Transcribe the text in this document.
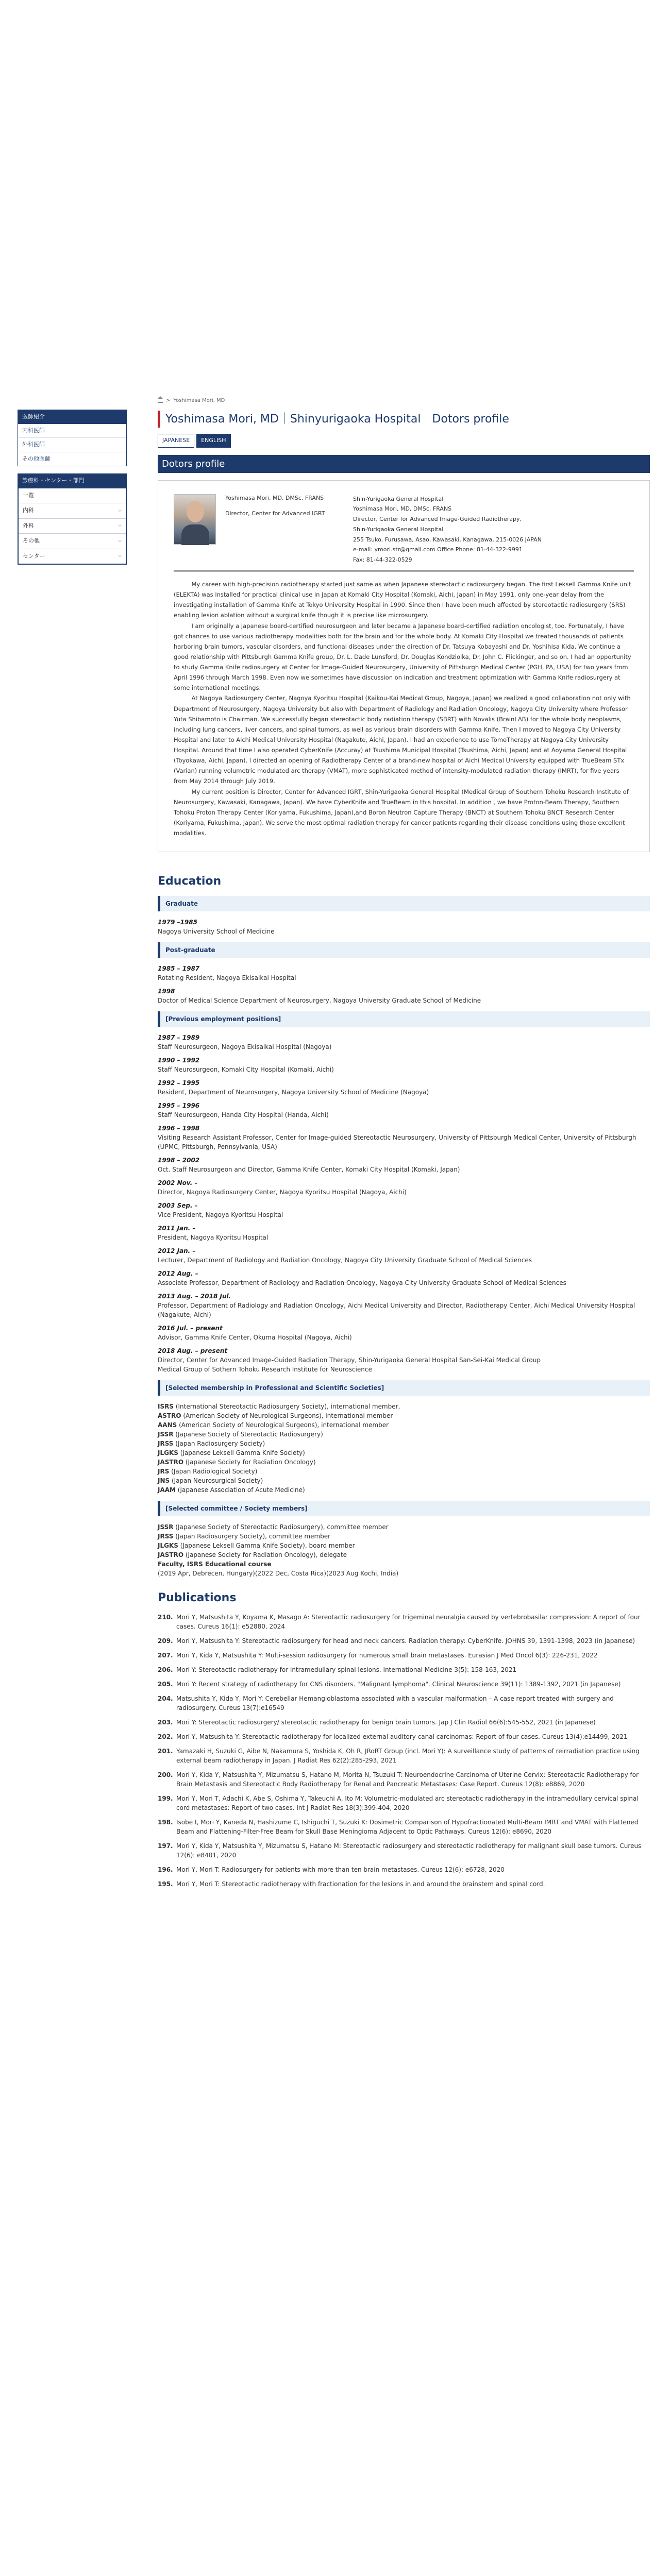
医師紹介
内科医師
外科医師
その他医師
診療科・センター・部門
一覧
内科	⌵
外科	⌵
その他	⌵
センター	⌵
> Yoshimasa Mori, MD
Yoshimasa Mori, MD｜Shinyurigaoka Hospital　Dotors profile
JAPANESE	ENGLISH
Dotors profile

Yoshimasa Mori, MD, DMSc, FRANS

Director, Center for Advanced IGRT

Shin-Yurigaoka General Hospital
Yoshimasa Mori, MD, DMSc, FRANS
Director, Center for Advanced Image-Guided Radiotherapy,
Shin-Yurigaoka General Hospital
255 Tsuko, Furusawa, Asao, Kawasaki, Kanagawa, 215-0026 JAPAN
e-mail: ymori.str@gmail.com Office Phone: 81-44-322-9991
Fax: 81-44-322-0529

My career with high-precision radiotherapy started just same as when Japanese stereotactic radiosurgery began. The first Leksell Gamma Knife unit (ELEKTA) was installed for practical clinical use in Japan at Komaki City Hospital (Komaki, Aichi, Japan) in May 1991, only one-year delay from the investigating installation of Gamma Knife at Tokyo University Hospital in 1990. Since then I have been much affected by stereotactic radiosurgery (SRS) enabling lesion ablation without a surgical knife though it is precise like microsurgery.

I am originally a Japanese board-certified neurosurgeon and later became a Japanese board-certified radiation oncologist, too. Fortunately, I have got chances to use various radiotherapy modalities both for the brain and for the whole body. At Komaki City Hospital we treated thousands of patients harboring brain tumors, vascular disorders, and functional diseases under the direction of Dr. Tatsuya Kobayashi and Dr. Yoshihisa Kida. We continue a good relationship with Pittsburgh Gamma Knife group, Dr. L. Dade Lunsford, Dr. Douglas Kondziolka, Dr. John C. Flickinger, and so on. I had an opportunity to study Gamma Knife radiosurgery at Center for Image-Guided Neurosurgery, University of Pittsburgh Medical Center (PGH, PA, USA) for two years from April 1996 through March 1998. Even now we sometimes have discussion on indication and treatment optimization with Gamma Knife radiosurgery at some international meetings.

At Nagoya Radiosurgery Center, Nagoya Kyoritsu Hospital (Kaikou-Kai Medical Group, Nagoya, Japan) we realized a good collaboration not only with Department of Neurosurgery, Nagoya University but also with Department of Radiology and Radiation Oncology, Nagoya City University where Professor Yuta Shibamoto is Chairman. We successfully began stereotactic body radiation therapy (SBRT) with Novalis (BrainLAB) for the whole body neoplasms, including lung cancers, liver cancers, and spinal tumors, as well as various brain disorders with Gamma Knife. Then I moved to Nagoya City University Hospital and later to Aichi Medical University Hospital (Nagakute, Aichi, Japan). I had an experience to use TomoTherapy at Nagoya City University Hospital. Around that time I also operated CyberKnife (Accuray) at Tsushima Municipal Hospital (Tsushima, Aichi, Japan) and at Aoyama General Hospital (Toyokawa, Aichi, Japan). I directed an opening of Radiotherapy Center of a brand-new hospital of Aichi Medical University equipped with TrueBeam STx (Varian) running volumetric modulated arc therapy (VMAT), more sophisticated method of intensity-modulated radiation therapy (IMRT), for five years from May 2014 through July 2019.

My current position is Director, Center for Advanced IGRT, Shin-Yurigaoka General Hospital (Medical Group of Southern Tohoku Research Institute of Neurosurgery, Kawasaki, Kanagawa, Japan). We have CyberKnife and TrueBeam in this hospital. In addition , we have Proton-Beam Therapy, Southern Tohoku Proton Therapy Center (Koriyama, Fukushima, Japan),and Boron Neutron Capture Therapy (BNCT) at Southern Tohoku BNCT Research Center (Koriyama, Fukushima, Japan). We serve the most optimal radiation therapy for cancer patients regarding their disease conditions using those excellent modalities.

Education
Graduate
1979 –1985
Nagoya University School of Medicine
Post-graduate
1985 – 1987
Rotating Resident, Nagoya Ekisaikai Hospital
1998
Doctor of Medical Science Department of Neurosurgery, Nagoya University Graduate School of Medicine
[Previous employment positions]
1987 – 1989
Staff Neurosurgeon, Nagoya Ekisaikai Hospital (Nagoya)
1990 – 1992
Staff Neurosurgeon, Komaki City Hospital (Komaki, Aichi)
1992 – 1995
Resident, Department of Neurosurgery, Nagoya University School of Medicine (Nagoya)
1995 – 1996
Staff Neurosurgeon, Handa City Hospital (Handa, Aichi)
1996 – 1998
Visiting Research Assistant Professor, Center for Image-guided Stereotactic Neurosurgery, University of Pittsburgh Medical Center, University of Pittsburgh (UPMC, Pittsburgh, Pennsylvania, USA)
1998 – 2002
Oct. Staff Neurosurgeon and Director, Gamma Knife Center, Komaki City Hospital (Komaki, Japan)
2002 Nov. –
Director, Nagoya Radiosurgery Center, Nagoya Kyoritsu Hospital (Nagoya, Aichi)
2003 Sep. –
Vice President, Nagoya Kyoritsu Hospital
2011 Jan. –
President, Nagoya Kyoritsu Hospital
2012 Jan. –
Lecturer, Department of Radiology and Radiation Oncology, Nagoya City University Graduate School of Medical Sciences
2012 Aug. –
Associate Professor, Department of Radiology and Radiation Oncology, Nagoya City University Graduate School of Medical Sciences
2013 Aug. – 2018 Jul.
Professor, Department of Radiology and Radiation Oncology, Aichi Medical University and Director, Radiotherapy Center, Aichi Medical University Hospital (Nagakute, Aichi)
2016 Jul. – present
Advisor, Gamma Knife Center, Okuma Hospital (Nagoya, Aichi)
2018 Aug. – present
Director, Center for Advanced Image-Guided Radiation Therapy, Shin-Yurigaoka General Hospital San-Sei-Kai Medical Group
Medical Group of Sothern Tohoku Research Institute for Neuroscience
[Selected membership in Professional and Scientific Societies]
ISRS (International Stereotactic Radiosurgery Society), international member,
ASTRO (American Society of Neurological Surgeons), international member
AANS (American Society of Neurological Surgeons), international member
JSSR (Japanese Society of Stereotactic Radiosurgery)
JRSS (Japan Radiosurgery Society)
JLGKS (Japanese Leksell Gamma Knife Society)
JASTRO (Japanese Society for Radiation Oncology)
JRS (Japan Radiological Society)
JNS (Japan Neurosurgical Society)
JAAM (Japanese Association of Acute Medicine)
[Selected committee / Society members]
JSSR (Japanese Society of Stereotactic Radiosurgery), committee member
JRSS (Japan Radiosurgery Society), committee member
JLGKS (Japanese Leksell Gamma Knife Society), board member
JASTRO (Japanese Society for Radiation Oncology), delegate
Faculty, ISRS Educational course
(2019 Apr, Debrecen, Hungary)(2022 Dec, Costa Rica)(2023 Aug Kochi, India)
Publications
210. Mori Y, Matsushita Y, Koyama K, Masago A: Stereotactic radiosurgery for trigeminal neuralgia caused by vertebrobasilar compression: A report of four cases. Cureus 16(1): e52880, 2024
209. Mori Y, Matsushita Y: Stereotactic radiosurgery for head and neck cancers. Radiation therapy: CyberKnife. JOHNS 39, 1391-1398, 2023 (in Japanese)
207. Mori Y, Kida Y, Matsushita Y: Multi-session radiosurgery for numerous small brain metastases. Eurasian J Med Oncol 6(3): 226-231, 2022
206. Mori Y: Stereotactic radiotherapy for intramedullary spinal lesions. International Medicine 3(5): 158-163, 2021
205. Mori Y: Recent strategy of radiotherapy for CNS disorders. "Malignant lymphoma". Clinical Neuroscience 39(11): 1389-1392, 2021 (in Japanese)
204. Matsushita Y, Kida Y, Mori Y: Cerebellar Hemangioblastoma associated with a vascular malformation – A case report treated with surgery and radiosurgery. Cureus 13(7):e16549
203. Mori Y: Stereotactic radiosurgery/ stereotactic radiotherapy for benign brain tumors. Jap J Clin Radiol 66(6):545-552, 2021 (in Japanese)
202. Mori Y, Matsushita Y: Stereotactic radiotherapy for localized external auditory canal carcinomas: Report of four cases. Cureus 13(4):e14499, 2021
201. Yamazaki H, Suzuki G, Aibe N, Nakamura S, Yoshida K, Oh R, JRoRT Group (incl. Mori Y): A surveillance study of patterns of reirradiation practice using external beam radiotherapy in Japan. J Radiat Res 62(2):285-293, 2021
200. Mori Y, Kida Y, Matsushita Y, Mizumatsu S, Hatano M, Morita N, Tsuzuki T: Neuroendocrine Carcinoma of Uterine Cervix: Stereotactic Radiotherapy for Brain Metastasis and Stereotactic Body Radiotherapy for Renal and Pancreatic Metastases: Case Report. Cureus 12(8): e8869, 2020
199. Mori Y, Mori T, Adachi K, Abe S, Oshima Y, Takeuchi A, Ito M: Volumetric-modulated arc stereotactic radiotherapy in the intramedullary cervical spinal cord metastases: Report of two cases. Int J Radiat Res 18(3):399-404, 2020
198. Isobe I, Mori Y, Kaneda N, Hashizume C, Ishiguchi T, Suzuki K: Dosimetric Comparison of Hypofractionated Multi-Beam IMRT and VMAT with Flattened Beam and Flattening-Filter-Free Beam for Skull Base Meningioma Adjacent to Optic Pathways. Cureus 12(6): e8690, 2020
197. Mori Y, Kida Y, Matsushita Y, Mizumatsu S, Hatano M: Stereotactic radiosurgery and stereotactic radiotherapy for malignant skull base tumors. Cureus 12(6): e8401, 2020
196. Mori Y, Mori T: Radiosurgery for patients with more than ten brain metastases. Cureus 12(6): e6728, 2020
195. Mori Y, Mori T: Stereotactic radiotherapy with fractionation for the lesions in and around the brainstem and spinal cord.
